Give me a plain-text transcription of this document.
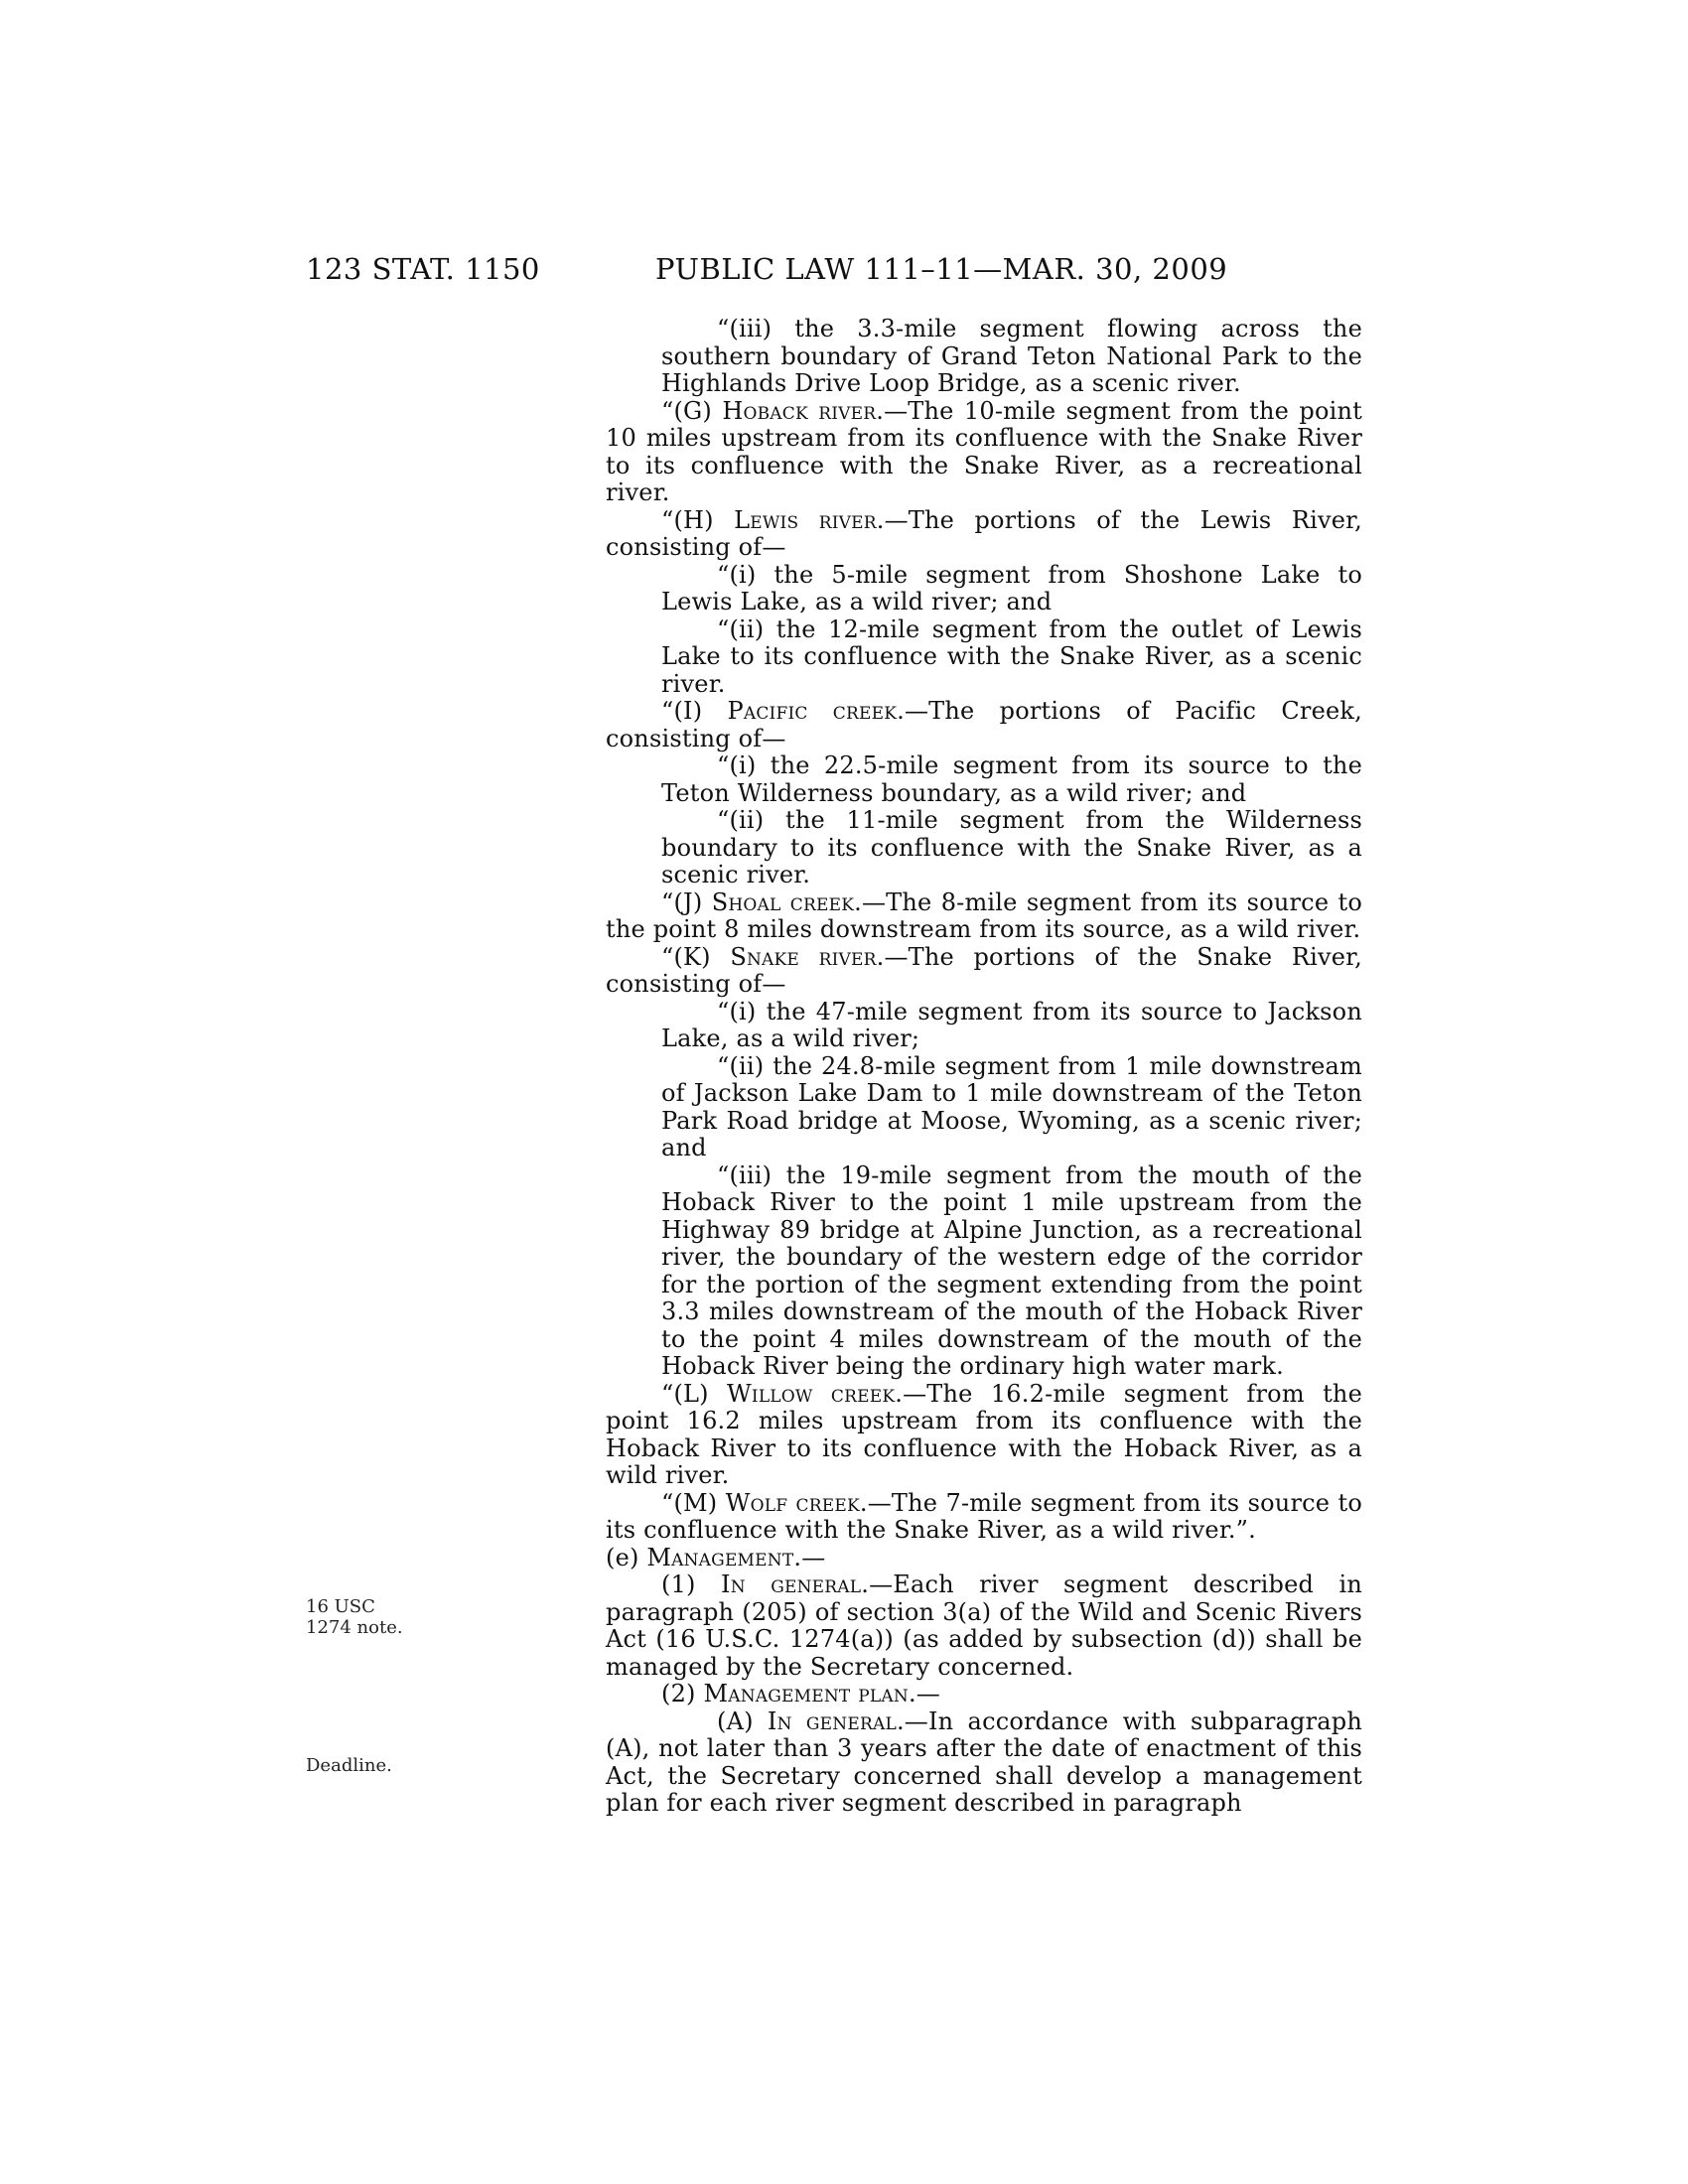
123 STAT. 1150	PUBLIC LAW 111–11—MAR. 30, 2009
16 USC 1274 note.
Deadline.

“(iii) the 3.3-mile segment flowing across the southern boundary of Grand Teton National Park to the Highlands Drive Loop Bridge, as a scenic river.

“(G) Hoback river.—The 10-mile segment from the point 10 miles upstream from its confluence with the Snake River to its confluence with the Snake River, as a recreational river.

“(H) Lewis river.—The portions of the Lewis River, consisting of—

“(i) the 5-mile segment from Shoshone Lake to Lewis Lake, as a wild river; and

“(ii) the 12-mile segment from the outlet of Lewis Lake to its confluence with the Snake River, as a scenic river.

“(I) Pacific creek.—The portions of Pacific Creek, consisting of—

“(i) the 22.5-mile segment from its source to the Teton Wilderness boundary, as a wild river; and

“(ii) the 11-mile segment from the Wilderness boundary to its confluence with the Snake River, as a scenic river.

“(J) Shoal creek.—The 8-mile segment from its source to the point 8 miles downstream from its source, as a wild river.

“(K) Snake river.—The portions of the Snake River, consisting of—

“(i) the 47-mile segment from its source to Jackson Lake, as a wild river;

“(ii) the 24.8-mile segment from 1 mile downstream of Jackson Lake Dam to 1 mile downstream of the Teton Park Road bridge at Moose, Wyoming, as a scenic river; and

“(iii) the 19-mile segment from the mouth of the Hoback River to the point 1 mile upstream from the Highway 89 bridge at Alpine Junction, as a recreational river, the boundary of the western edge of the corridor for the portion of the segment extending from the point 3.3 miles downstream of the mouth of the Hoback River to the point 4 miles downstream of the mouth of the Hoback River being the ordinary high water mark.

“(L) Willow creek.—The 16.2-mile segment from the point 16.2 miles upstream from its confluence with the Hoback River to its confluence with the Hoback River, as a wild river.

“(M) Wolf creek.—The 7-mile segment from its source to its confluence with the Snake River, as a wild river.”.

(e) Management.—

(1) In general.—Each river segment described in paragraph (205) of section 3(a) of the Wild and Scenic Rivers Act (16 U.S.C. 1274(a)) (as added by subsection (d)) shall be managed by the Secretary concerned.

(2) Management plan.—

(A) In general.—In accordance with subparagraph (A), not later than 3 years after the date of enactment of this Act, the Secretary concerned shall develop a management plan for each river segment described in paragraph
